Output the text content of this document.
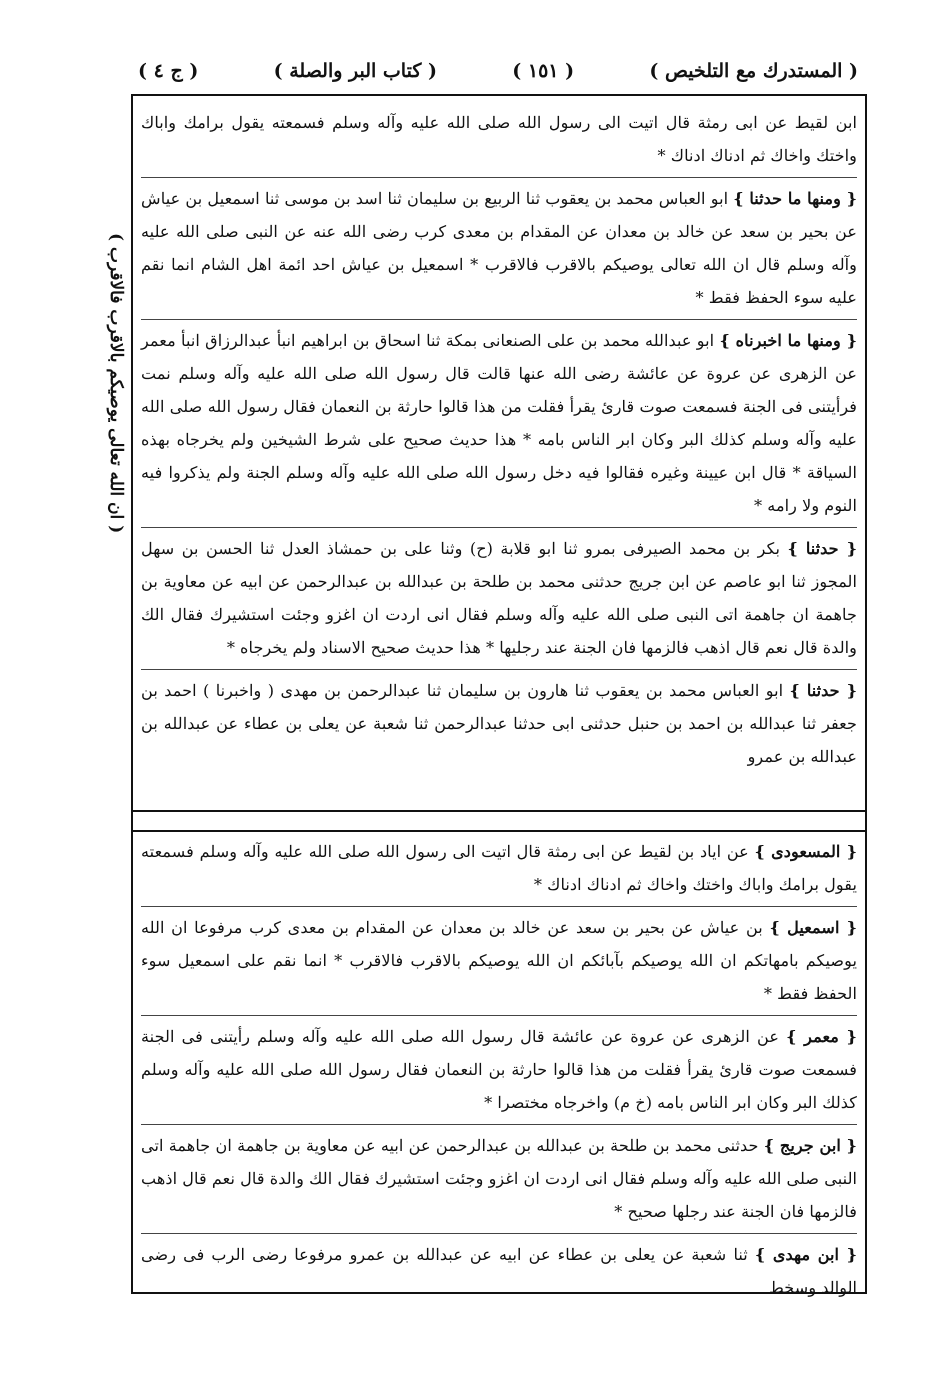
( المستدرك مع التلخيص )
( ١٥١ )
( كتاب البر والصلة )
( ج ٤ )
( ان الله تعالى يوصيكم بالاقرب فالاقرب )

ابن لقيط عن ابى رمثة قال اتيت الى رسول الله صلى الله عليه وآله وسلم فسمعته يقول برامك واباك واختك واخاك ثم ادناك ادناك *

{ ومنها ما حدثنا } ابو العباس محمد بن يعقوب ثنا الربيع بن سليمان ثنا اسد بن موسى ثنا اسمعيل بن عياش عن بحير بن سعد عن خالد بن معدان عن المقدام بن معدى كرب رضى الله عنه عن النبى صلى الله عليه وآله وسلم قال ان الله تعالى يوصيكم بالاقرب فالاقرب * اسمعيل بن عياش احد ائمة اهل الشام انما نقم عليه سوء الحفظ فقط *

{ ومنها ما اخبرناه } ابو عبدالله محمد بن على الصنعانى بمكة ثنا اسحاق بن ابراهيم انبأ عبدالرزاق انبأ معمر عن الزهرى عن عروة عن عائشة رضى الله عنها قالت قال رسول الله صلى الله عليه وآله وسلم نمت فرأيتنى فى الجنة فسمعت صوت قارئ يقرأ فقلت من هذا قالوا حارثة بن النعمان فقال رسول الله صلى الله عليه وآله وسلم كذلك البر وكان ابر الناس بامه * هذا حديث صحيح على شرط الشيخين ولم يخرجاه بهذه السياقة * قال ابن عيينة وغيره فقالوا فيه دخل رسول الله صلى الله عليه وآله وسلم الجنة ولم يذكروا فيه النوم ولا رامه *

{ حدثنا } بكر بن محمد الصيرفى بمرو ثنا ابو قلابة (ح) وثنا على بن حمشاذ العدل ثنا الحسن بن سهل المجوز ثنا ابو عاصم عن ابن جريج حدثنى محمد بن طلحة بن عبدالله بن عبدالرحمن عن ابيه عن معاوية بن جاهمة ان جاهمة اتى النبى صلى الله عليه وآله وسلم فقال انى اردت ان اغزو وجئت استشيرك فقال الك والدة قال نعم قال اذهب فالزمها فان الجنة عند رجليها * هذا حديث صحيح الاسناد ولم يخرجاه *

{ حدثنا } ابو العباس محمد بن يعقوب ثنا هارون بن سليمان ثنا عبدالرحمن بن مهدى ( واخبرنا ) احمد بن جعفر ثنا عبدالله بن احمد بن حنبل حدثنى ابى حدثنا عبدالرحمن ثنا شعبة عن يعلى بن عطاء عن عبدالله بن عبدالله بن عمرو

{ المسعودى } عن اياد بن لقيط عن ابى رمثة قال اتيت الى رسول الله صلى الله عليه وآله وسلم فسمعته يقول برامك واباك واختك واخاك ثم ادناك ادناك *

{ اسمعيل } بن عياش عن بحير بن سعد عن خالد بن معدان عن المقدام بن معدى كرب مرفوعا ان الله يوصيكم بامهاتكم ان الله يوصيكم بآبائكم ان الله يوصيكم بالاقرب فالاقرب * انما نقم على اسمعيل سوء الحفظ فقط *

{ معمر } عن الزهرى عن عروة عن عائشة قال رسول الله صلى الله عليه وآله وسلم رأيتنى فى الجنة فسمعت صوت قارئ يقرأ فقلت من هذا قالوا حارثة بن النعمان فقال رسول الله صلى الله عليه وآله وسلم كذلك البر وكان ابر الناس بامه (خ م) واخرجاه مختصرا *

{ ابن جريج } حدثنى محمد بن طلحة بن عبدالله بن عبدالرحمن عن ابيه عن معاوية بن جاهمة ان جاهمة اتى النبى صلى الله عليه وآله وسلم فقال انى اردت ان اغزو وجئت استشيرك فقال الك والدة قال نعم قال اذهب فالزمها فان الجنة عند رجلها صحيح *

{ ابن مهدى } ثنا شعبة عن يعلى بن عطاء عن ابيه عن عبدالله بن عمرو مرفوعا رضى الرب فى رضى الوالد وسخط
